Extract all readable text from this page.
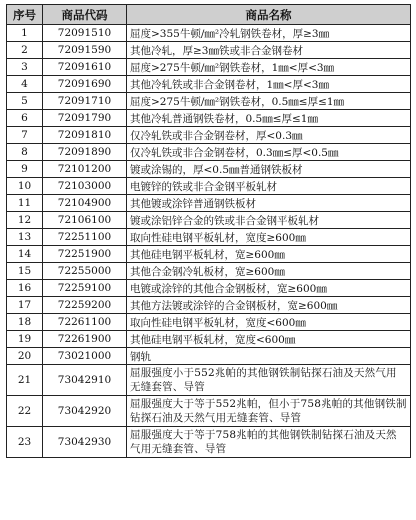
序号	商品代码	商品名称
1	72091510	屈度>355牛顿/㎜²冷轧钢铁卷材，厚≥3㎜
2	72091590	其他冷轧，厚≥3㎜铁或非合金钢卷材
3	72091610	屈度>275牛顿/㎜²钢铁卷材，1㎜<厚<3㎜
4	72091690	其他冷轧铁或非合金钢卷材，1㎜<厚<3㎜
5	72091710	屈度>275牛顿/㎜²钢铁卷材，0.5㎜≤厚≤1㎜
6	72091790	其他冷轧普通钢铁卷材，0.5㎜≤厚≤1㎜
7	72091810	仅冷轧铁或非合金钢卷材，厚<0.3㎜
8	72091890	仅冷轧铁或非合金钢卷材，0.3㎜≤厚<0.5㎜
9	72101200	镀或涂锡的，厚<0.5㎜普通钢铁板材
10	72103000	电镀锌的铁或非合金钢平板轧材
11	72104900	其他镀或涂锌普通钢铁板材
12	72106100	镀或涂铝锌合金的铁或非合金钢平板轧材
13	72251100	取向性硅电钢平板轧材，宽度≥600㎜
14	72251900	其他硅电钢平板轧材，宽≥600㎜
15	72255000	其他合金钢冷轧板材，宽≥600㎜
16	72259100	电镀或涂锌的其他合金钢板材，宽≥600㎜
17	72259200	其他方法镀或涂锌的合金钢板材，宽≥600㎜
18	72261100	取向性硅电钢平板轧材，宽度<600㎜
19	72261900	其他硅电钢平板轧材，宽度<600㎜
20	73021000	钢轨
21	73042910	屈服强度小于552兆帕的其他钢铁制钻探石油及天然气用无缝套管、导管
22	73042920	屈服强度大于等于552兆帕，但小于758兆帕的其他钢铁制钻探石油及天然气用无缝套管、导管
23	73042930	屈服强度大于等于758兆帕的其他钢铁制钻探石油及天然气用无缝套管、导管
